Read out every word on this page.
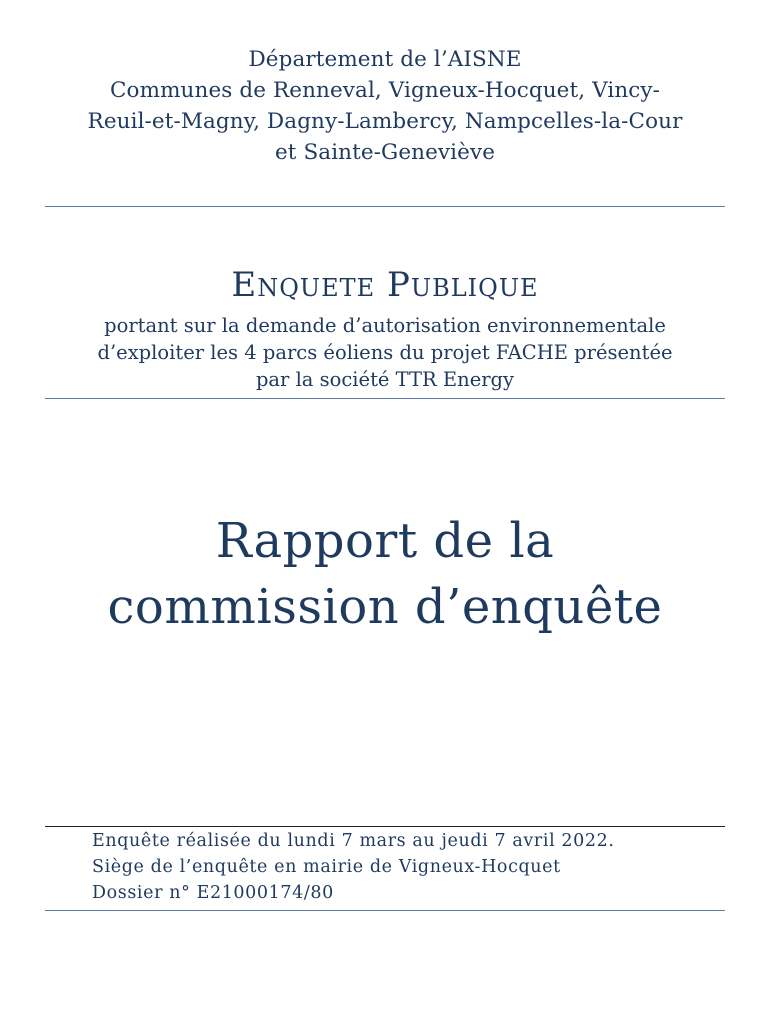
Département de l’AISNE
Communes de Renneval, Vigneux-Hocquet, Vincy-
Reuil-et-Magny, Dagny-Lambercy, Nampcelles-la-Cour
et Sainte-Geneviève
Enquete Publique
portant sur la demande d’autorisation environnementale
d’exploiter les 4 parcs éoliens du projet FACHE présentée
par la société TTR Energy
Rapport de la
commission d’enquête
Enquête réalisée du lundi 7 mars au jeudi 7 avril 2022.
Siège de l’enquête en mairie de Vigneux-Hocquet
Dossier n° E21000174/80
